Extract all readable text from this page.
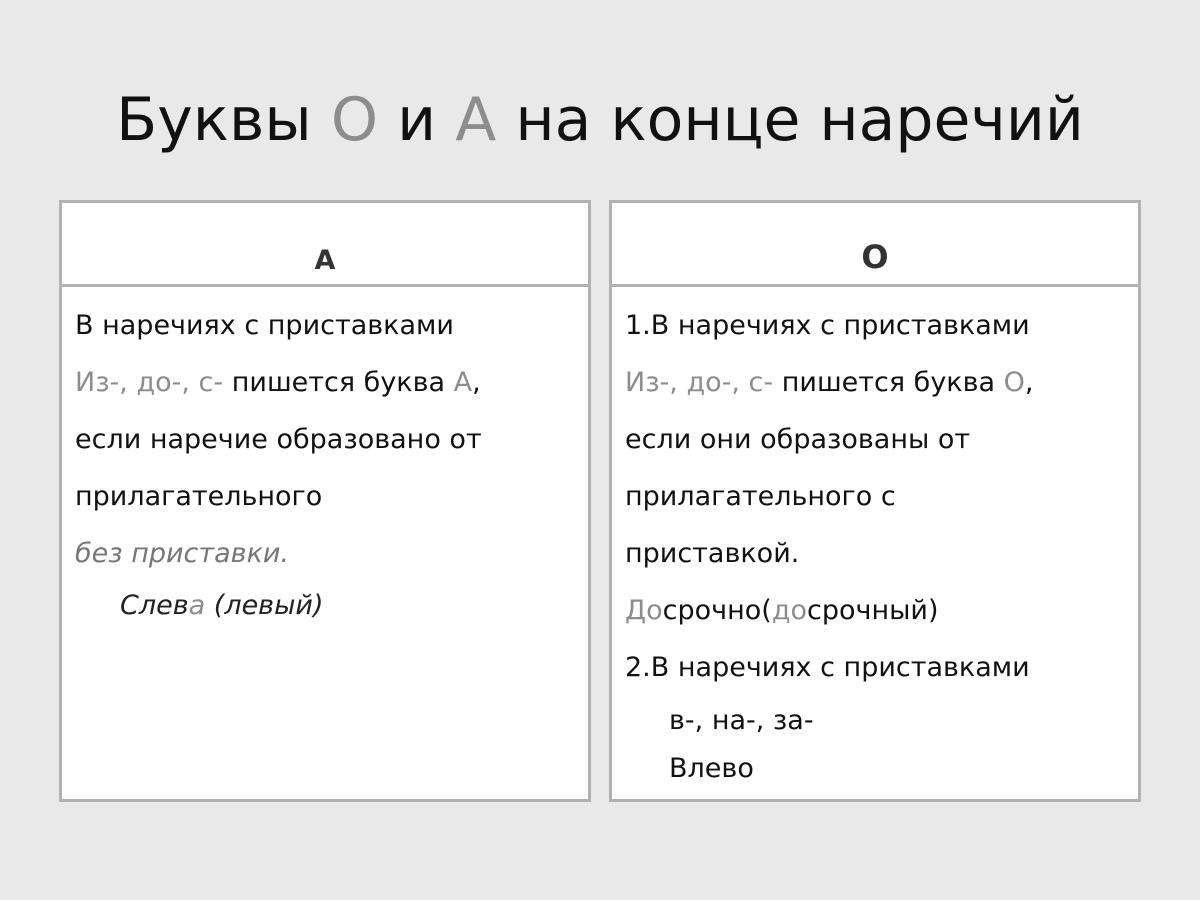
Буквы О и А на конце наречий
А
В наречиях с приставками
Из-, до-, с- пишется буква А,
если наречие образовано от
прилагательного
без приставки.
Слева (левый)
О
1.В наречиях с приставками
Из-, до-, с- пишется буква О,
если они образованы от
прилагательного с
приставкой.
Досрочно(досрочный)
2.В наречиях с приставками
в-, на-, за-
Влево
